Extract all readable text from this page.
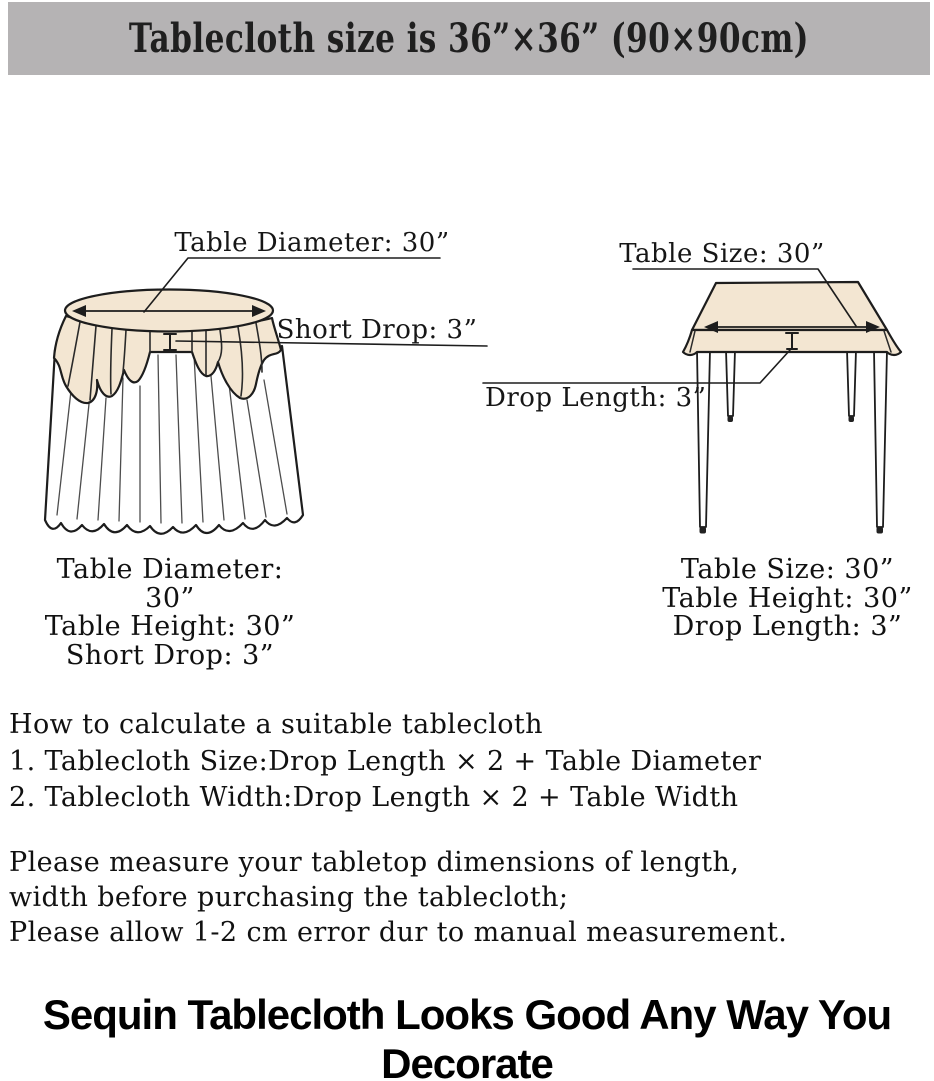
Tablecloth size is 36”×36” (90×90cm)
Table Diameter: 30”
Short Drop: 3”
Table Size: 30”
Drop Length: 3”
Table Diameter: 30”
Table Height: 30”
Short Drop: 3”
Table Size: 30”
Table Height: 30”
Drop Length: 3”
How to calculate a suitable tablecloth
1. Tablecloth Size:Drop Length × 2 + Table Diameter
2. Tablecloth Width:Drop Length × 2 + Table Width
Please measure your tabletop dimensions of length,
width before purchasing the tablecloth;
Please allow 1-2 cm error dur to manual measurement.
Sequin Tablecloth Looks Good Any Way You
Decorate
